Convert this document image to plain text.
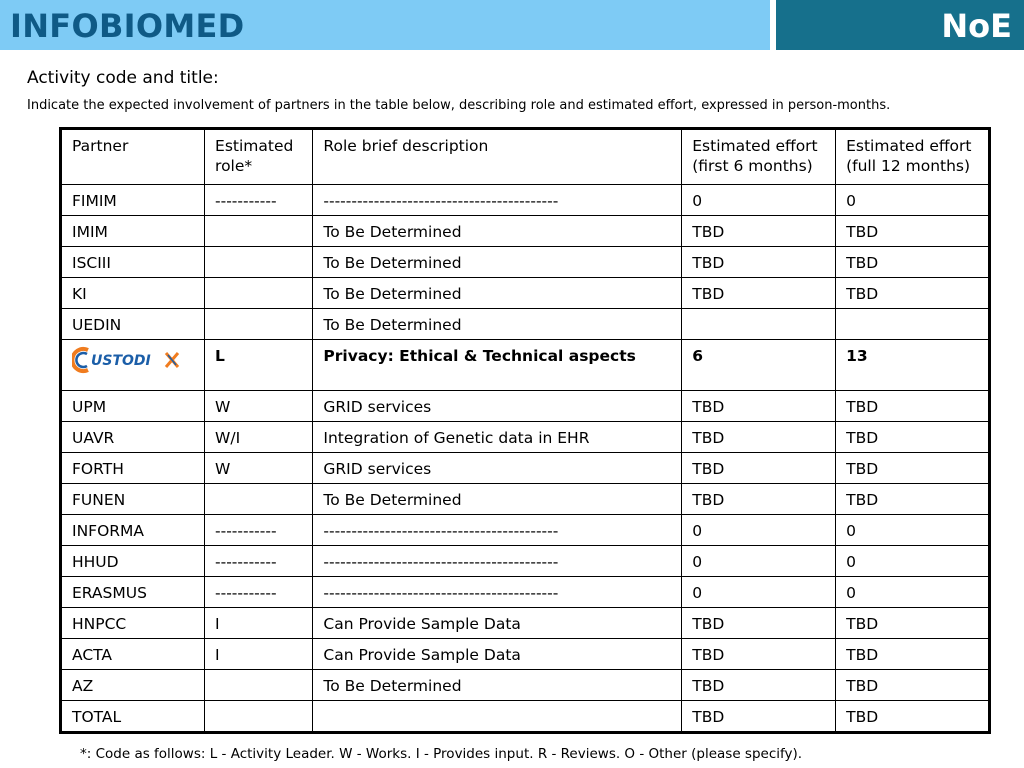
INFOBIOMED	NoE
Activity code and title:
Indicate the expected involvement of partners in the table below, describing role and estimated effort, expressed in person-months.
Partner	Estimated role*	Role brief description	Estimated effort (first 6 months)	Estimated effort (full 12 months)
FIMIM	-----------	------------------------------------------	0	0
IMIM		To Be Determined	TBD	TBD
ISCIII		To Be Determined	TBD	TBD
KI		To Be Determined	TBD	TBD
UEDIN		To Be Determined		

USTODI	L	Privacy: Ethical & Technical aspects	6	13
UPM	W	GRID services	TBD	TBD
UAVR	W/I	Integration of Genetic data in EHR	TBD	TBD
FORTH	W	GRID services	TBD	TBD
FUNEN		To Be Determined	TBD	TBD
INFORMA	-----------	------------------------------------------	0	0
HHUD	-----------	------------------------------------------	0	0
ERASMUS	-----------	------------------------------------------	0	0
HNPCC	I	Can Provide Sample Data	TBD	TBD
ACTA	I	Can Provide Sample Data	TBD	TBD
AZ		To Be Determined	TBD	TBD
TOTAL			TBD	TBD
*: Code as follows: L - Activity Leader. W - Works. I - Provides input. R - Reviews. O - Other (please specify).
